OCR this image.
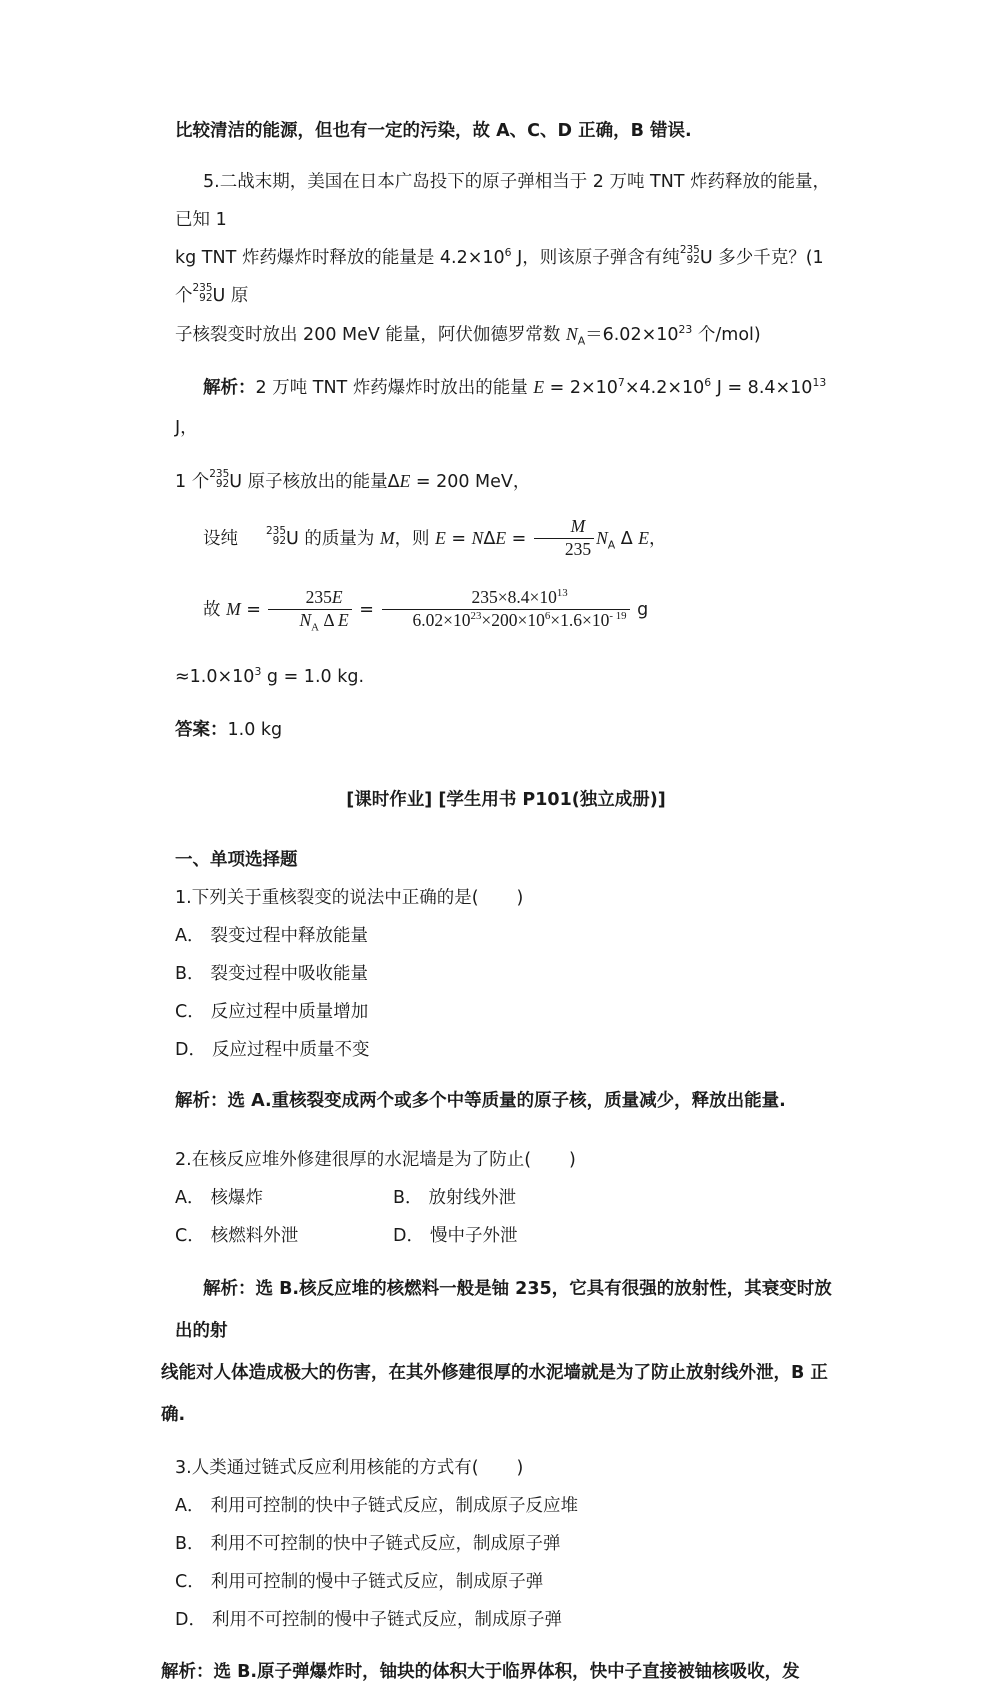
比较清洁的能源，但也有一定的污染，故 A、C、D 正确，B 错误.
5.二战末期，美国在日本广岛投下的原子弹相当于 2 万吨 TNT 炸药释放的能量，已知 1
kg TNT 炸药爆炸时释放的能量是 $4.2\times 10^6$ J，则该原子弹含有纯 235
92 U 多少千克？(1 个 235
92 U 原
子核裂变时放出 200 MeV 能量，阿伏伽德罗常数 $N_A=6.02\times 10^{23}$ 个/mol)
解析：2 万吨 TNT 炸药爆炸时放出的能量 $E = 2\times 10^7\times 4.2\times 10^6$ $J = 8.4\times 10^{13}$ J，
1 个 235
92 U 原子核放出的能量ΔE = 200 MeV，
设纯	235
92 U 的质量为 M，则 $E = N\Delta E = \frac{M}{235} N_A$ Δ E，
故 $M = \frac{235E}{N_A \Delta E} = \frac{235\times 8.4\times 10^{13}}{6.02\times 10^{23}\times 200\times 10^6\times 1.6\times 10^{- 19}}$ g
$\approx 1.0\times 10^3$ g = 1.0 kg.
答案：1.0 kg
[课时作业] [学生用书 P101(独立成册)]
一、单项选择题
1.下列关于重核裂变的说法中正确的是( )
A． 裂变过程中释放能量
B． 裂变过程中吸收能量
C． 反应过程中质量增加
D． 反应过程中质量不变
解析：选 A.重核裂变成两个或多个中等质量的原子核，质量减少，释放出能量.
2.在核反应堆外修建很厚的水泥墙是为了防止( )
A． 核爆炸	B． 放射线外泄
C． 核燃料外泄	D． 慢中子外泄
解析：选 B.核反应堆的核燃料一般是铀 235，它具有很强的放射性，其衰变时放出的射
线能对人体造成极大的伤害，在其外修建很厚的水泥墙就是为了防止放射线外泄，B 正确.
3.人类通过链式反应利用核能的方式有( )
A． 利用可控制的快中子链式反应，制成原子反应堆
B． 利用不可控制的快中子链式反应，制成原子弹
C． 利用可控制的慢中子链式反应，制成原子弹
D． 利用不可控制的慢中子链式反应，制成原子弹
解析：选 B.原子弹爆炸时，铀块的体积大于临界体积，快中子直接被铀核吸收，发
